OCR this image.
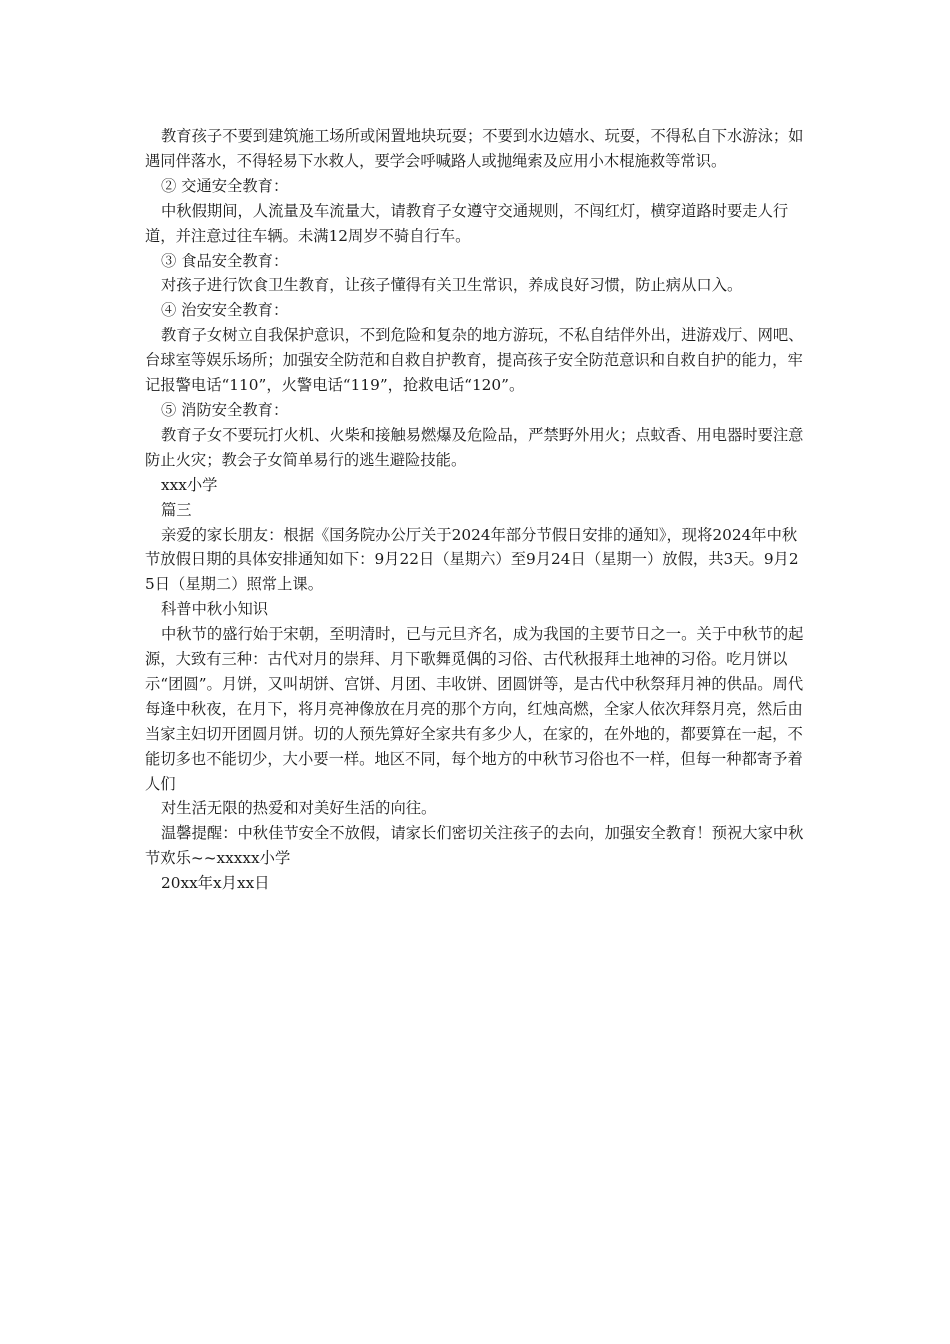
教育孩子不要到建筑施工场所或闲置地块玩耍；不要到水边嬉水、玩耍，不得私自下水游泳；如遇同伴落水，不得轻易下水救人，要学会呼喊路人或抛绳索及应用小木棍施救等常识。

② 交通安全教育：

中秋假期间，人流量及车流量大，请教育子女遵守交通规则，不闯红灯，横穿道路时要走人行道，并注意过往车辆。未满12周岁不骑自行车。

③ 食品安全教育：

对孩子进行饮食卫生教育，让孩子懂得有关卫生常识，养成良好习惯，防止病从口入。

④ 治安安全教育：

教育子女树立自我保护意识，不到危险和复杂的地方游玩，不私自结伴外出，进游戏厅、网吧、台球室等娱乐场所；加强安全防范和自救自护教育，提高孩子安全防范意识和自救自护的能力，牢记报警电话“110”，火警电话“119”，抢救电话“120”。

⑤ 消防安全教育：

教育子女不要玩打火机、火柴和接触易燃爆及危险品，严禁野外用火；点蚊香、用电器时要注意防止火灾；教会子女简单易行的逃生避险技能。

xxx小学

篇三

亲爱的家长朋友：根据《国务院办公厅关于2024年部分节假日安排的通知》，现将2024年中秋节放假日期的具体安排通知如下：9月22日（星期六）至9月24日（星期一）放假，共3天。9月25日（星期二）照常上课。

科普中秋小知识

中秋节的盛行始于宋朝，至明清时，已与元旦齐名，成为我国的主要节日之一。关于中秋节的起源，大致有三种：古代对月的崇拜、月下歌舞觅偶的习俗、古代秋报拜土地神的习俗。吃月饼以示“团圆”。月饼，又叫胡饼、宫饼、月团、丰收饼、团圆饼等，是古代中秋祭拜月神的供品。周代每逢中秋夜，在月下，将月亮神像放在月亮的那个方向，红烛高燃，全家人依次拜祭月亮，然后由当家主妇切开团圆月饼。切的人预先算好全家共有多少人，在家的，在外地的，都要算在一起，不能切多也不能切少，大小要一样。地区不同，每个地方的中秋节习俗也不一样，但每一种都寄予着人们

对生活无限的热爱和对美好生活的向往。

温馨提醒：中秋佳节安全不放假，请家长们密切关注孩子的去向，加强安全教育！预祝大家中秋节欢乐~~xxxxx小学

20xx年x月xx日
